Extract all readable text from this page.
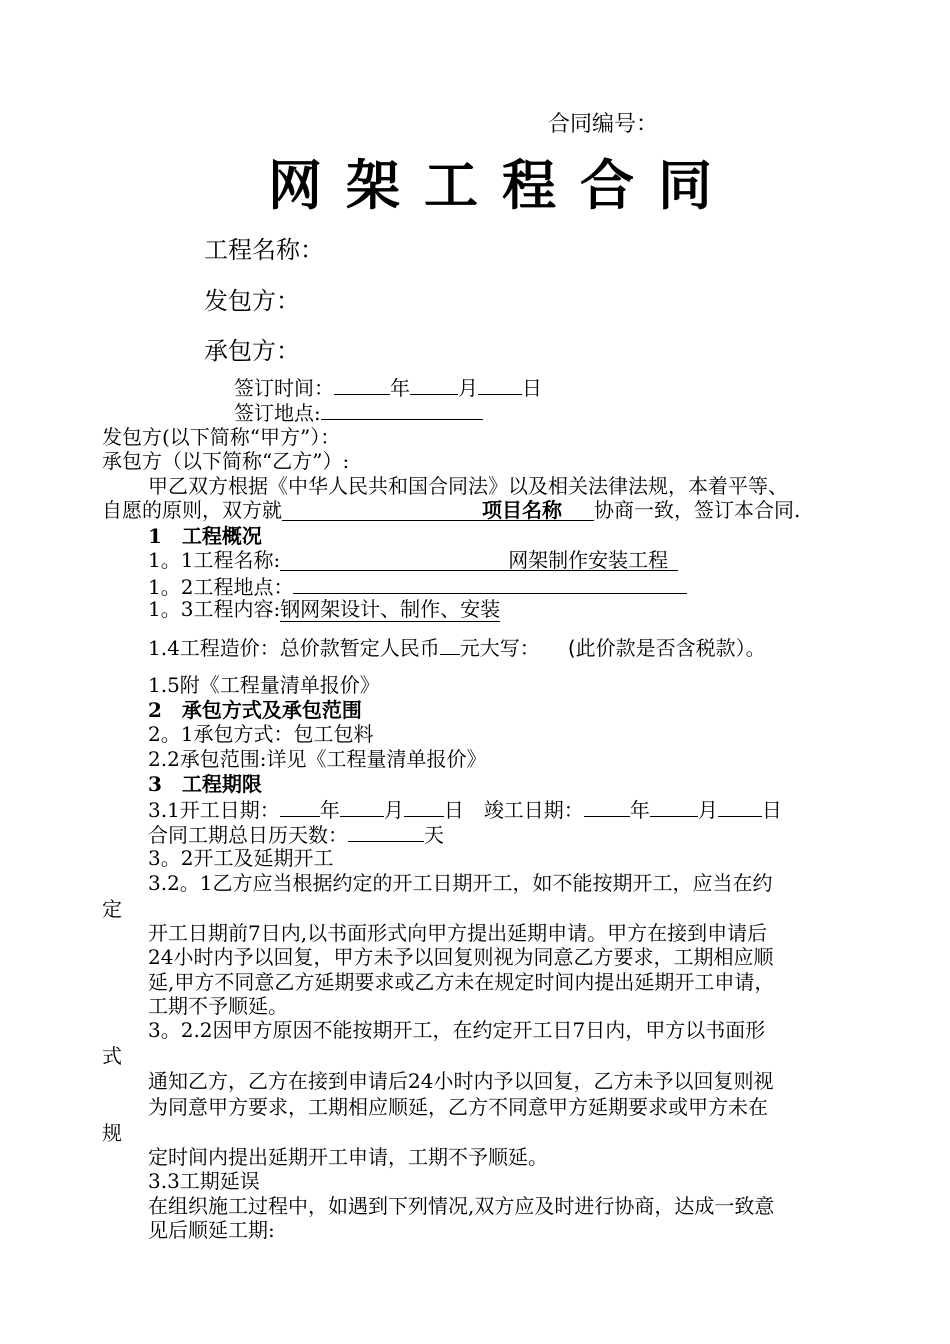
合同编号：
网架工程合同
工程名称：
发包方：
承包方：
签订时间：	年 月 日
签订地点:
发包方(以下简称“甲方”）：
承包方（以下简称“乙方”）:
甲乙双方根据《中华人民共和国合同法》以及相关法律法规，本着平等、
自愿的原则，双方就	项目名称 协商一致，签订本合同.
1　工程概况
1。1工程名称:	网架制作安装工程
1。2工程地点：
1。3工程内容:钢网架设计、制作、安装
1.4工程造价：总价款暂定人民币 元大写： (此价款是否含税款）。
1.5附《工程量清单报价》
2　承包方式及承包范围
2。1承包方式：包工包料
2.2承包范围:详见《工程量清单报价》
3　工程期限
3.1开工日期： 年 月 日 竣工日期： 年 月 日
合同工期总日历天数：	天
3。2开工及延期开工
3.2。1乙方应当根据约定的开工日期开工，如不能按期开工，应当在约
定
开工日期前7日内,以书面形式向甲方提出延期申请。甲方在接到申请后
24小时内予以回复，甲方未予以回复则视为同意乙方要求，工期相应顺
延,甲方不同意乙方延期要求或乙方未在规定时间内提出延期开工申请，
工期不予顺延。
3。2.2因甲方原因不能按期开工，在约定开工日7日内，甲方以书面形
式
通知乙方，乙方在接到申请后24小时内予以回复，乙方未予以回复则视
为同意甲方要求，工期相应顺延，乙方不同意甲方延期要求或甲方未在
规
定时间内提出延期开工申请，工期不予顺延。
3.3工期延误
在组织施工过程中，如遇到下列情况,双方应及时进行协商，达成一致意
见后顺延工期:
